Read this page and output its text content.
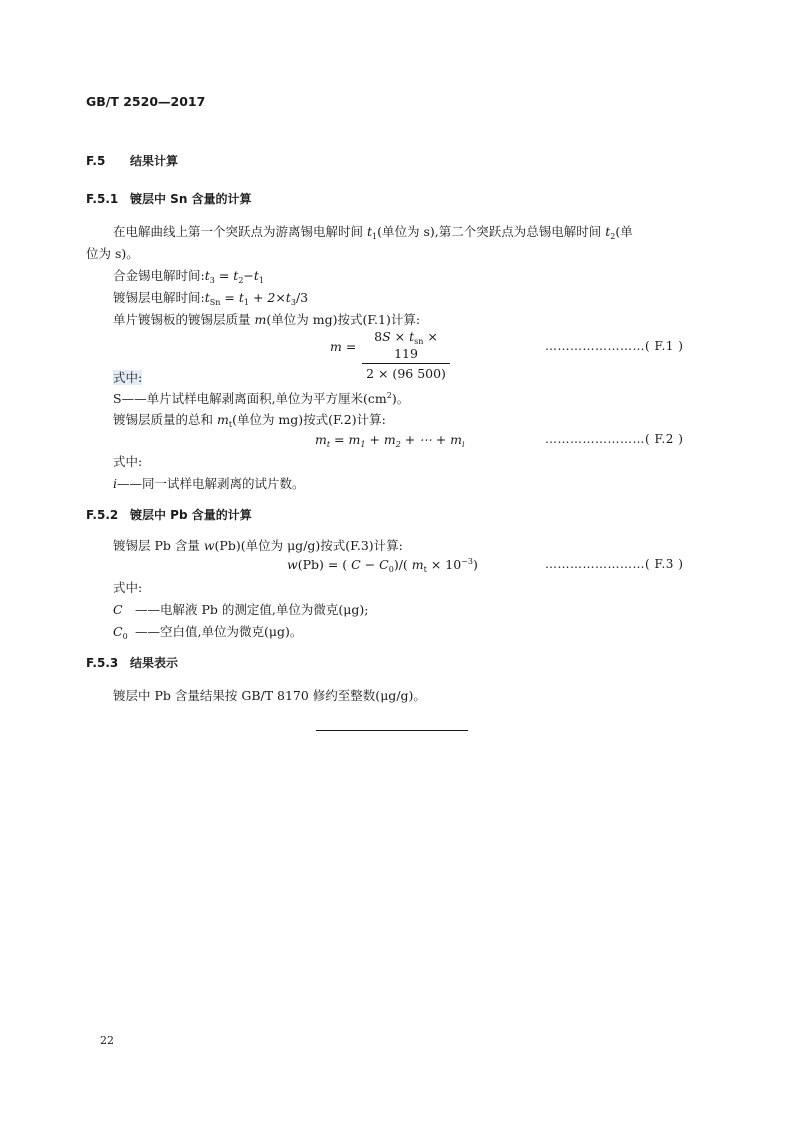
GB/T 2520—2017
F.5 结果计算
F.5.1 镀层中 Sn 含量的计算
在电解曲线上第一个突跃点为游离锡电解时间 $t_1$(单位为 s),第二个突跃点为总锡电解时间 $t_2$(单
位为 s)。
合金锡电解时间$:t_3 = t_2-t_1$
镀锡层电解时间$:t_{Sn} = t_1 + 2\times t_3/3$
单片镀锡板的镀锡层质量 m(单位为 mg)按式(F.1)计算:
m =
$8S \times t_{sn} \times 119$
2 × (96 500)
……………………( F.1 )
式中:
S——单片试样电解剥离面积,单位为平方厘米$(cm^2)$。
镀锡层质量的总和 $m_t$(单位为 mg)按式(F.2)计算:
$m_t = m_1 + m_2$ + ⋯ + $m_i$	……………………( F.2 )
式中:
i——同一试样电解剥离的试片数。
F.5.2 镀层中 Pb 含量的计算
镀锡层 Pb 含量 w(Pb)(单位为 μg/g)按式(F.3)计算:
w(Pb) = ( $C - C_0)/$( $m_t \times 10^{-3}$)	……………………( F.3 )
式中:
C ——电解液 Pb 的测定值,单位为微克(μg);
$C_0$ ——空白值,单位为微克(μg)。
F.5.3 结果表示
镀层中 Pb 含量结果按 GB/T 8170 修约至整数(μg/g)。
22
